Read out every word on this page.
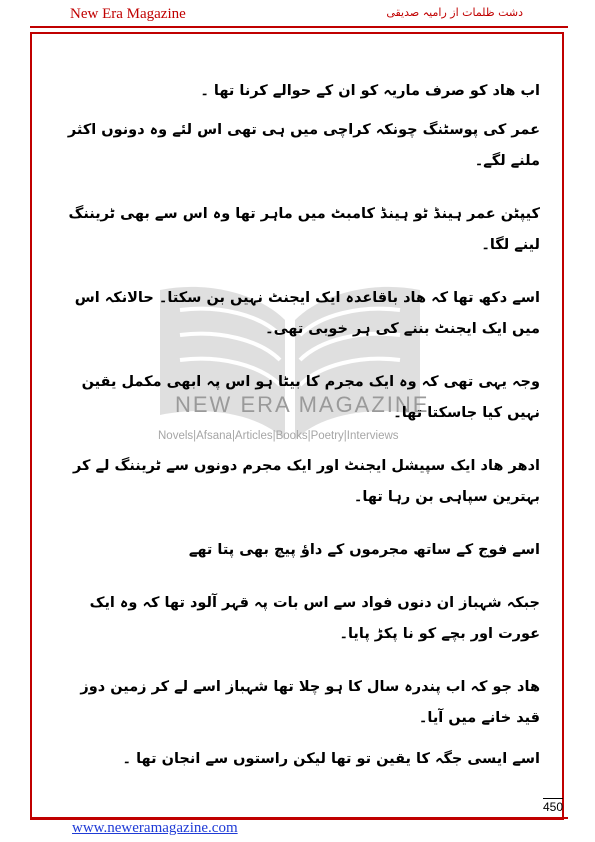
New Era Magazine	دشت ظلمات از رامیہ صدیقی
NEW ERA MAGAZINE
Novels|Afsana|Articles|Books|Poetry|Interviews

اب ھاد کو صرف ماریہ کو ان کے حوالے کرنا تھا ۔

عمر کی پوسٹنگ چونکہ کراچی میں ہی تھی اس لئے وہ دونوں اکثر ملنے لگے۔

کیپٹن عمر ہینڈ ٹو ہینڈ کامبٹ میں ماہر تھا وہ اس سے بھی ٹریننگ لینے لگا۔

اسے دکھ تھا کہ ھاد باقاعدہ ایک ایجنٹ نہیں بن سکتا۔ حالانکہ اس میں ایک ایجنٹ بننے کی ہر خوبی تھی۔

وجہ یہی تھی کہ وہ ایک مجرم کا بیٹا ہو اس پہ ابھی مکمل یقین نہیں کیا جاسکتا تھا۔

ادھر ھاد ایک سپیشل ایجنٹ اور ایک مجرم دونوں سے ٹریننگ لے کر بہترین سپاہی بن رہا تھا۔

اسے فوج کے ساتھ مجرموں کے داؤ پیچ بھی پتا تھے

جبکہ شہباز ان دنوں فواد سے اس بات پہ قہر آلود تھا کہ وہ ایک عورت اور بچے کو نا پکڑ پایا۔

ھاد جو کہ اب پندرہ سال کا ہو چلا تھا شہباز اسے لے کر زمین دوز قید خانے میں آیا۔

اسے ایسی جگہ کا یقین تو تھا لیکن راستوں سے انجان تھا ۔

450
www.neweramagazine.com
